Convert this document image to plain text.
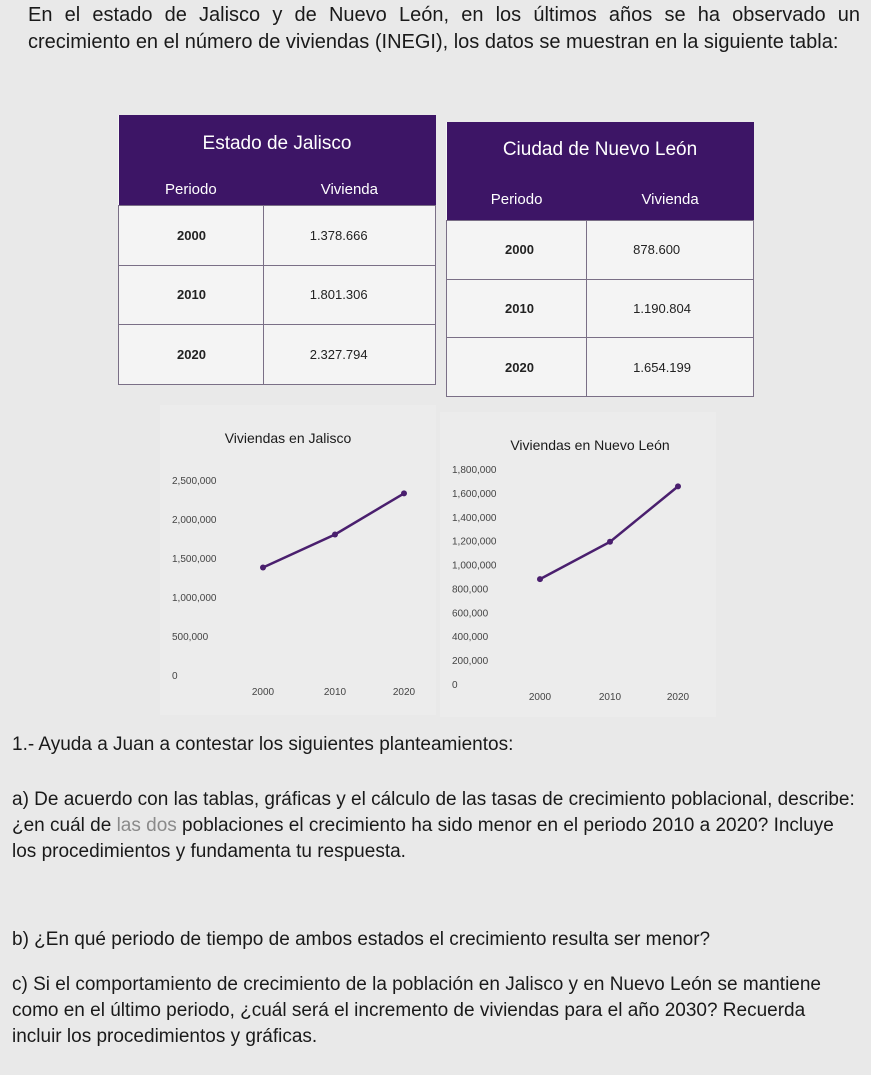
En el estado de Jalisco y de Nuevo León, en los últimos años se ha observado un crecimiento en el número de viviendas (INEGI), los datos se muestran en la siguiente tabla:
Estado de Jalisco	
Periodo	Vivienda
2000	1.378.666
2010	1.801.306
2020	2.327.794
Ciudad de Nuevo León	
Periodo	Vivienda
2000	878.600
2010	1.190.804
2020	1.654.199
Viviendas en Jalisco
0
500,000
1,000,000
1,500,000
2,000,000
2,500,000
2000	2010	2020
Viviendas en Nuevo León
0
200,000
400,000
600,000
800,000
1,000,000
1,200,000
1,400,000
1,600,000
1,800,000
2000	2010	2020

1.- Ayuda a Juan a contestar los siguientes planteamientos:

a) De acuerdo con las tablas, gráficas y el cálculo de las tasas de crecimiento poblacional, describe: ¿en cuál de las dos poblaciones el crecimiento ha sido menor en el periodo 2010 a 2020? Incluye los procedimientos y fundamenta tu respuesta.

b) ¿En qué periodo de tiempo de ambos estados el crecimiento resulta ser menor?

c) Si el comportamiento de crecimiento de la población en Jalisco y en Nuevo León se mantiene como en el último periodo, ¿cuál será el incremento de viviendas para el año 2030? Recuerda incluir los procedimientos y gráficas.
